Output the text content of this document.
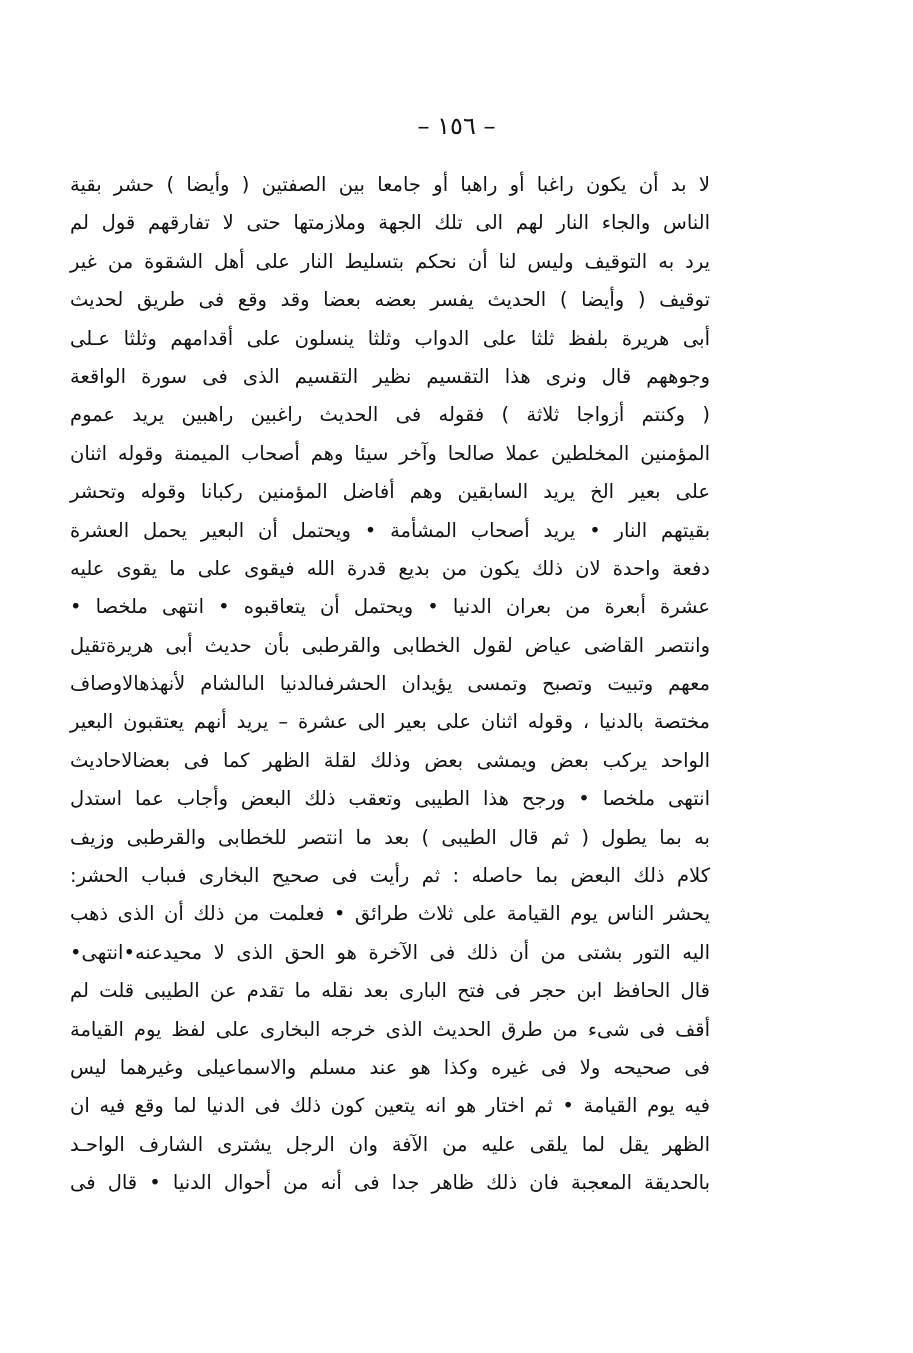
– ١٥٦ –
لا بد أن يكون راغبا أو راهبا أو جامعا بين الصفتين ( وأيضا ) حشر بقية
الناس والجاء النار لهم الى تلك الجهة وملازمتها حتى لا تفارقهم قول لم
يرد به التوقيف وليس لنا أن نحكم بتسليط النار على أهل الشقوة من غير
توقيف ( وأيضا ) الحديث يفسر بعضه بعضا وقد وقع فى طريق لحديث
أبى هريرة بلفظ ثلثا على الدواب وثلثا ينسلون على أقدامهم وثلثا عـلى
وجوههم قال ونرى هذا التقسيم نظير التقسيم الذى فى سورة الواقعة
( وكنتم أزواجا ثلاثة ) فقوله فى الحديث راغبين راهبين يريد عموم
المؤمنين المخلطين عملا صالحا وآخر سيئا وهم أصحاب الميمنة وقوله اثنان
على بعير الخ يريد السابقين وهم أفاضل المؤمنين ركبانا وقوله وتحشر
بقيتهم النار • يريد أصحاب المشأمة • ويحتمل أن البعير يحمل العشرة
دفعة واحدة لان ذلك يكون من بديع قدرة الله فيقوى على ما يقوى عليه
عشرة أبعرة من بعران الدنيا • ويحتمل أن يتعاقبوه • انتهى ملخصا •
وانتصر القاضى عياض لقول الخطابى والقرطبى بأن حديث أبى هريرةتقيل
معهم وتبيت وتصبح وتمسى يؤيدان الحشرفىالدنيا الىالشام لأنهذهالاوصاف
مختصة بالدنيا ، وقوله اثنان على بعير الى عشرة – يريد أنهم يعتقبون البعير
الواحد يركب بعض ويمشى بعض وذلك لقلة الظهر كما فى بعضالاحاديث
انتهى ملخصا • ورجح هذا الطيبى وتعقب ذلك البعض وأجاب عما استدل
به بما يطول ( ثم قال الطيبى ) بعد ما انتصر للخطابى والقرطبى وزيف
كلام ذلك البعض بما حاصله : ثم رأيت فى صحيح البخارى فىباب الحشر:
يحشر الناس يوم القيامة على ثلاث طرائق • فعلمت من ذلك أن الذى ذهب
اليه التور بشتى من أن ذلك فى الآخرة هو الحق الذى لا محيدعنه•انتهى•
قال الحافظ ابن حجر فى فتح البارى بعد نقله ما تقدم عن الطيبى قلت لم
أقف فى شىء من طرق الحديث الذى خرجه البخارى على لفظ يوم القيامة
فى صحيحه ولا فى غيره وكذا هو عند مسلم والاسماعيلى وغيرهما ليس
فيه يوم القيامة • ثم اختار هو انه يتعين كون ذلك فى الدنيا لما وقع فيه ان
الظهر يقل لما يلقى عليه من الآفة وان الرجل يشترى الشارف الواحـد
بالحديقة المعجبة فان ذلك ظاهر جدا فى أنه من أحوال الدنيا • قال فى
